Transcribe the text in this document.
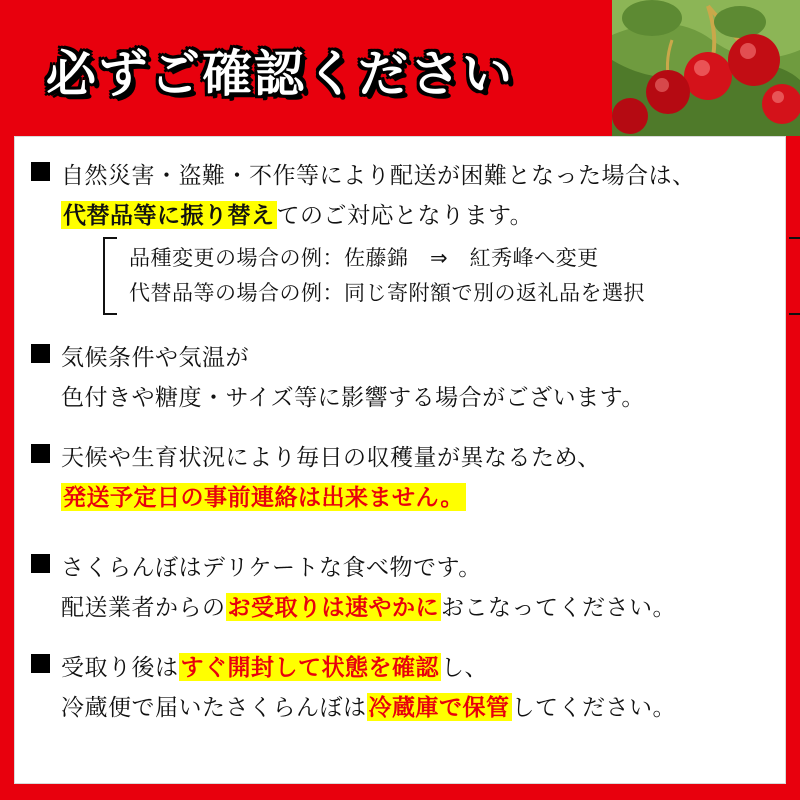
必ずご確認ください
自然災害・盗難・不作等により配送が困難となった場合は、
代替品等に振り替えてのご対応となります。
品種変更の場合の例：佐藤錦　⇒　紅秀峰へ変更
代替品等の場合の例：同じ寄附額で別の返礼品を選択
気候条件や気温が
色付きや糖度・サイズ等に影響する場合がございます。
天候や生育状況により毎日の収穫量が異なるため、
発送予定日の事前連絡は出来ません。
さくらんぼはデリケートな食べ物です。
配送業者からのお受取りは速やかにおこなってください。
受取り後はすぐ開封して状態を確認し、
冷蔵便で届いたさくらんぼは冷蔵庫で保管してください。
